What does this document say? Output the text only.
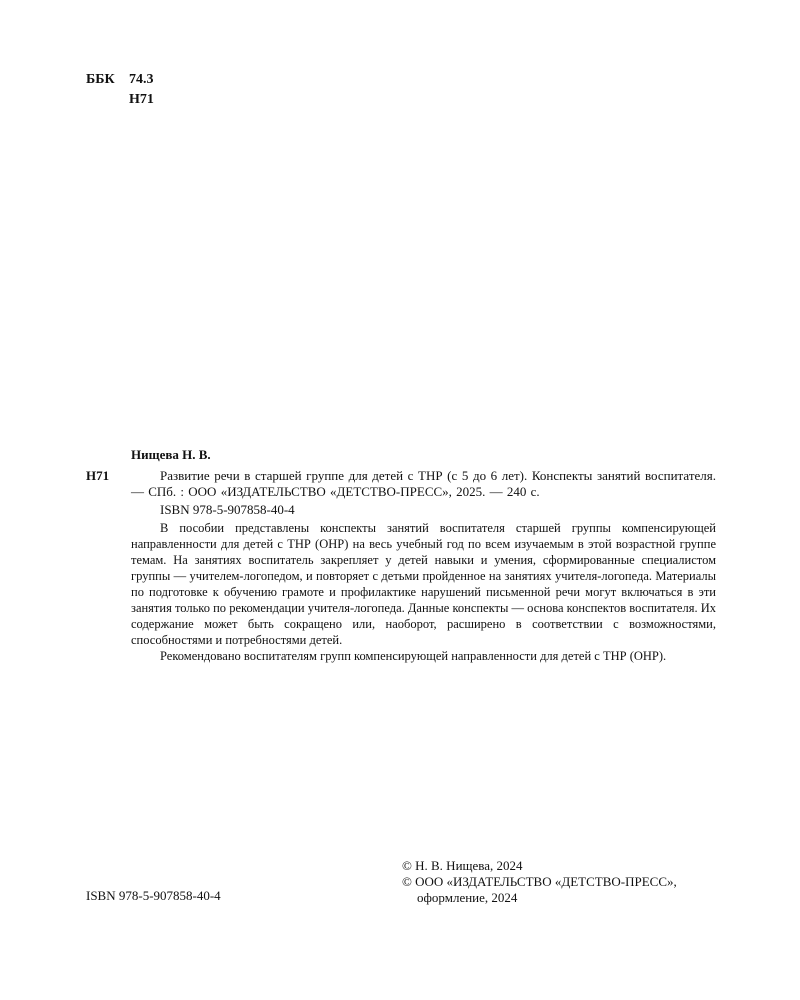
ББК	74.3
Н71
Нищева Н. В.
Н71	Развитие речи в старшей группе для детей с ТНР (с 5 до 6 лет). Конспекты занятий воспитателя. — СПб. : ООО «ИЗДАТЕЛЬСТВО «ДЕТСТВО-ПРЕСС», 2025. — 240 с.
ISBN 978-5-907858-40-4

В пособии представлены конспекты занятий воспитателя старшей группы компенсирующей направленности для детей с ТНР (ОНР) на весь учебный год по всем изучаемым в этой возрастной группе темам. На занятиях воспитатель закрепляет у детей навыки и умения, сформированные специалистом группы — учителем-логопедом, и повторяет с детьми пройденное на занятиях учителя-логопеда. Материалы по подготовке к обучению грамоте и профилактике нарушений письменной речи могут включаться в эти занятия только по рекомендации учителя-логопеда. Данные конспекты — основа конспектов воспитателя. Их содержание может быть сокращено или, наоборот, расширено в соответствии с возможностями, способностями и потребностями детей.

Рекомендовано воспитателям групп компенсирующей направленности для детей с ТНР (ОНР).

ISBN 978-5-907858-40-4
© Н. В. Нищева, 2024
© ООО «ИЗДАТЕЛЬСТВО «ДЕТСТВО-ПРЕСС»,
оформление, 2024
